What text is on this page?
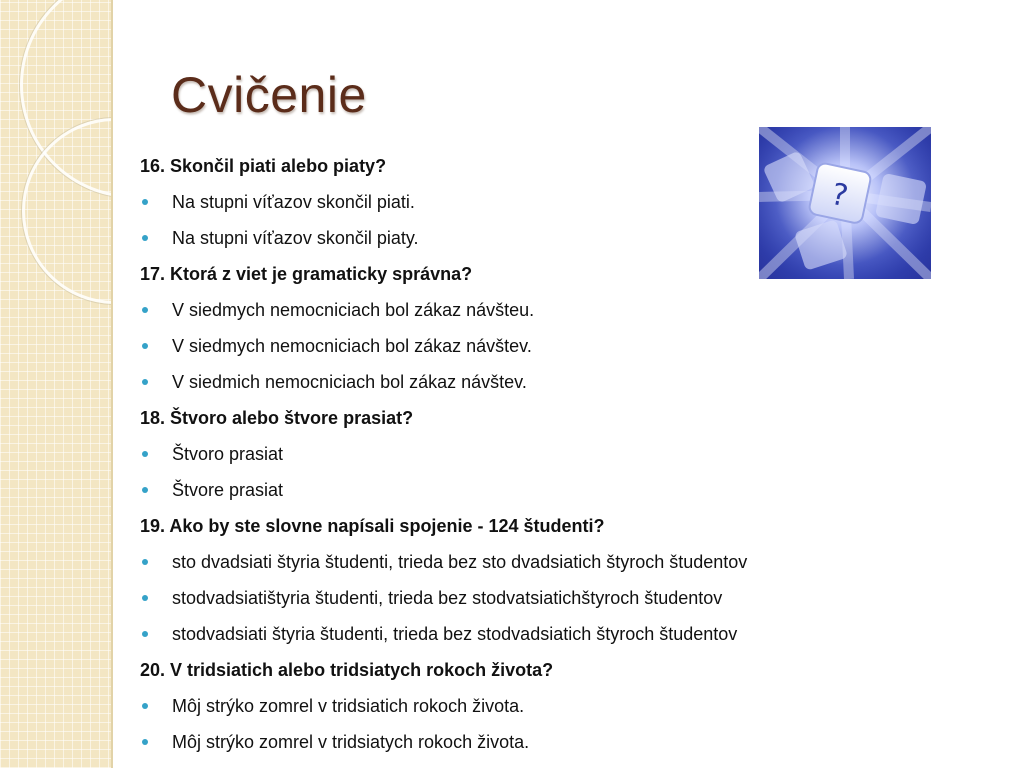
Cvičenie
?
16. Skončil piati alebo piaty?
Na stupni víťazov skončil piati.
Na stupni víťazov skončil piaty.
17. Ktorá z viet je gramaticky správna?
V siedmych nemocniciach bol zákaz návšteu.
V siedmych nemocniciach bol zákaz návštev.
V siedmich nemocniciach bol zákaz návštev.
18. Štvoro alebo štvore prasiat?
Štvoro prasiat
Štvore prasiat
19. Ako by ste slovne napísali spojenie - 124 študenti?
sto dvadsiati štyria študenti, trieda bez sto dvadsiatich štyroch študentov
stodvadsiatištyria študenti, trieda bez stodvatsiatichštyroch študentov
stodvadsiati štyria študenti, trieda bez stodvadsiatich štyroch študentov
20. V tridsiatich alebo tridsiatych rokoch života?
Môj strýko zomrel v tridsiatich rokoch života.
Môj strýko zomrel v tridsiatych rokoch života.
